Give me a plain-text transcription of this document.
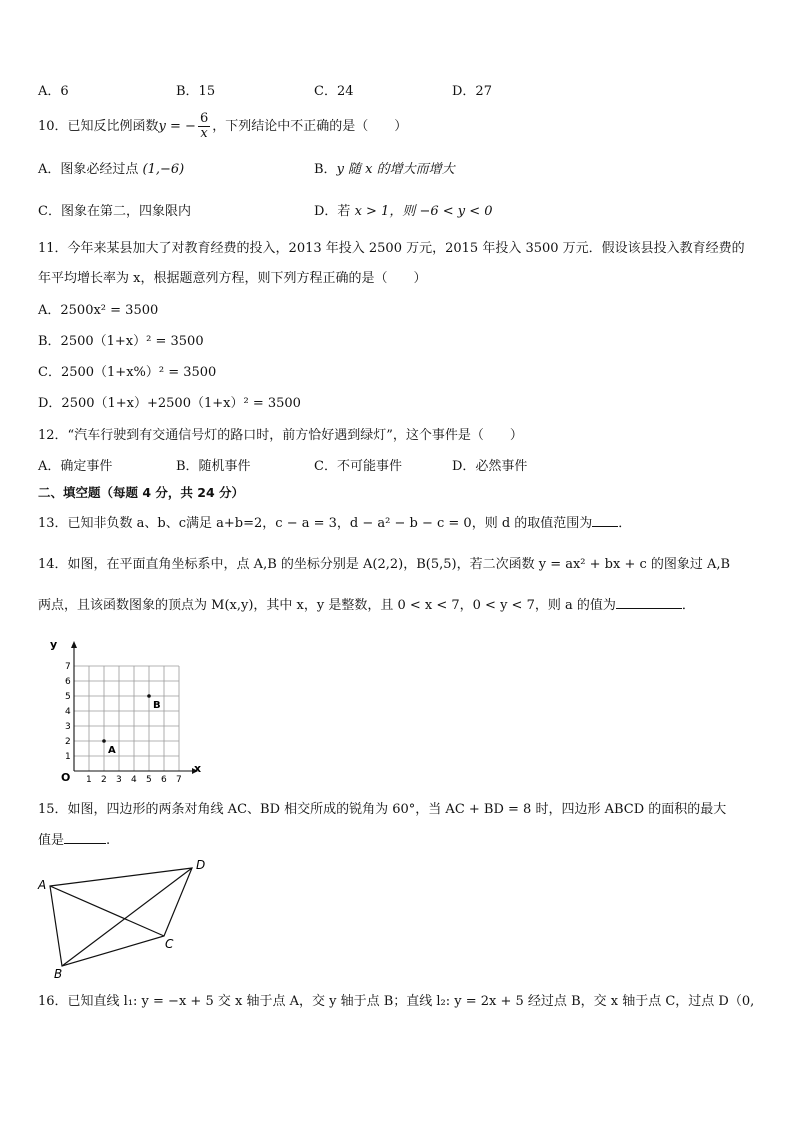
A．6	B．15	C．24	D．27
10．已知反比例函数y = − $\frac{6}{x}$ ，下列结论中不正确的是（　　）
A．图象必经过点 (1,−6)	B．y 随 x 的增大而增大
C．图象在第二，四象限内	D．若 x > 1，则 −6 < y < 0
11．今年来某县加大了对教育经费的投入，2013 年投入 2500 万元，2015 年投入 3500 万元．假设该县投入教育经费的
年平均增长率为 x，根据题意列方程，则下列方程正确的是（　　）
A．2500x² = 3500
B．2500（1+x）² = 3500
C．2500（1+x%）² = 3500
D．2500（1+x）+2500（1+x）² = 3500
12．“汽车行驶到有交通信号灯的路口时，前方恰好遇到绿灯”，这个事件是（　　）
A．确定事件	B．随机事件	C．不可能事件	D．必然事件
二、填空题（每题 4 分，共 24 分）
13．已知非负数 a、b、c满足 a+b=2，c − a = 3，d − a² − b − c = 0，则 d 的取值范围为 ．
14．如图，在平面直角坐标系中，点 A,B 的坐标分别是 A(2,2)，B(5,5)，若二次函数 y = ax² + bx + c 的图象过 A,B
两点，且该函数图象的顶点为 M(x,y)，其中 x，y 是整数，且 0 < x < 7，0 < y < 7，则 a 的值为	．
x
y
O 1 2 3 4 5 6 7
1
2
3
4
5
6
7
A
B
15．如图，四边形的两条对角线 AC、BD 相交所成的锐角为 60°，当 AC + BD = 8 时，四边形 ABCD 的面积的最大
值是	.
A
B
C
D
16．已知直线 l₁: y = −x + 5 交 x 轴于点 A，交 y 轴于点 B；直线 l₂: y = 2x + 5 经过点 B，交 x 轴于点 C，过点 D（0,
